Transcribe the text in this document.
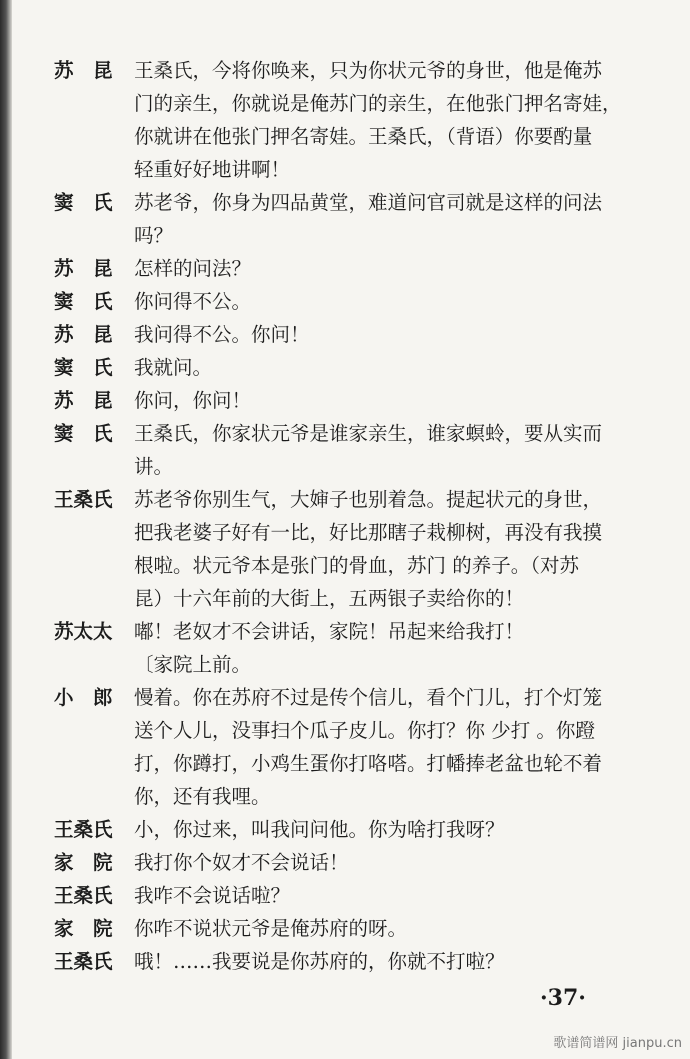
苏　昆	王桑氏，今将你唤来，只为你状元爷的身世，他是俺苏
门的亲生，你就说是俺苏门的亲生，在他张门押名寄娃，
你就讲在他张门押名寄娃。王桑氏，（背语）你要酌量
轻重好好地讲啊！
窦　氏	苏老爷，你身为四品黄堂，难道问官司就是这样的问法
吗？
苏　昆	怎样的问法？
窦　氏	你问得不公。
苏　昆	我问得不公。你问！
窦　氏	我就问。
苏　昆	你问，你问！
窦　氏	王桑氏，你家状元爷是谁家亲生，谁家螟蛉，要从实而
讲。
王桑氏	苏老爷你别生气，大婶子也别着急。提起状元的身世，
把我老婆子好有一比，好比那瞎子栽柳树，再没有我摸
根啦。状元爷本是张门的骨血，苏门 的养子。（对苏
昆）十六年前的大街上，五两银子卖给你的！
苏太太	嘟！老奴才不会讲话，家院！吊起来给我打！
〔家院上前。
小　郎	慢着。你在苏府不过是传个信儿，看个门儿，打个灯笼
送个人儿，没事扫个瓜子皮儿。你打？你 少打 。你蹬
打，你蹲打，小鸡生蛋你打咯嗒。打幡捧老盆也轮不着
你，还有我哩。
王桑氏	小，你过来，叫我问问他。你为啥打我呀？
家　院	我打你个奴才不会说话！
王桑氏	我咋不会说话啦？
家　院	你咋不说状元爷是俺苏府的呀。
王桑氏	哦！……我要说是你苏府的，你就不打啦？
·37·
歌谱简谱网 jianpu.cn
